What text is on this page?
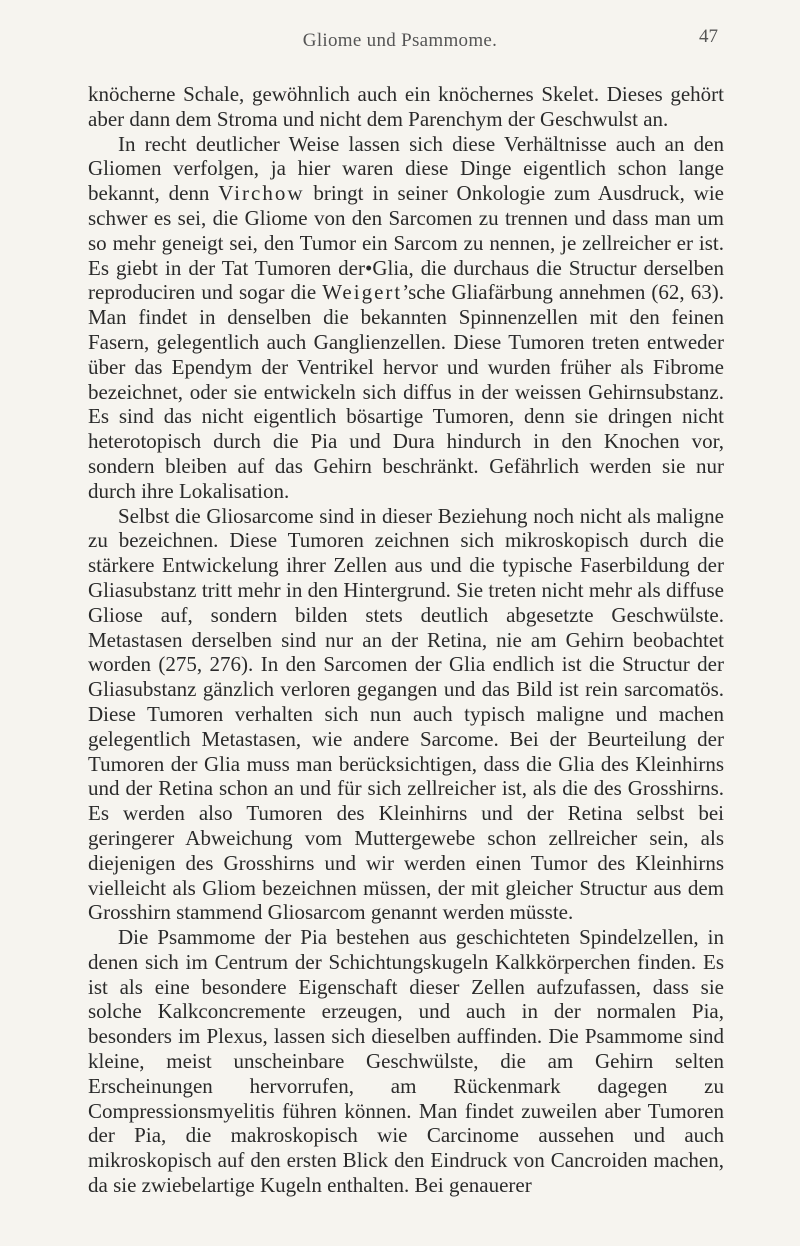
Gliome und Psammome.	47

knöcherne Schale, gewöhnlich auch ein knöchernes Skelet. Dieses gehört aber dann dem Stroma und nicht dem Parenchym der Geschwulst an.

In recht deutlicher Weise lassen sich diese Verhältnisse auch an den Gliomen verfolgen, ja hier waren diese Dinge eigentlich schon lange bekannt, denn Virchow bringt in seiner Onkologie zum Ausdruck, wie schwer es sei, die Gliome von den Sarcomen zu trennen und dass man um so mehr geneigt sei, den Tumor ein Sarcom zu nennen, je zellreicher er ist. Es giebt in der Tat Tumoren der•Glia, die durchaus die Structur derselben reproduciren und sogar die Weigert’sche Gliafärbung annehmen (62, 63). Man findet in denselben die bekannten Spinnenzellen mit den feinen Fasern, gelegentlich auch Ganglienzellen. Diese Tumoren treten entweder über das Ependym der Ventrikel hervor und wurden früher als Fibrome bezeichnet, oder sie entwickeln sich diffus in der weissen Gehirnsubstanz. Es sind das nicht eigentlich bösartige Tumoren, denn sie dringen nicht heterotopisch durch die Pia und Dura hindurch in den Knochen vor, sondern bleiben auf das Gehirn beschränkt. Gefährlich werden sie nur durch ihre Lokalisation.

Selbst die Gliosarcome sind in dieser Beziehung noch nicht als maligne zu bezeichnen. Diese Tumoren zeichnen sich mikroskopisch durch die stärkere Entwickelung ihrer Zellen aus und die typische Faserbildung der Gliasubstanz tritt mehr in den Hintergrund. Sie treten nicht mehr als diffuse Gliose auf, sondern bilden stets deutlich abgesetzte Geschwülste. Metastasen derselben sind nur an der Retina, nie am Gehirn beobachtet worden (275, 276). In den Sarcomen der Glia endlich ist die Structur der Gliasubstanz gänzlich verloren gegangen und das Bild ist rein sarcomatös. Diese Tumoren verhalten sich nun auch typisch maligne und machen gelegentlich Metastasen, wie andere Sarcome. Bei der Beurteilung der Tumoren der Glia muss man berücksichtigen, dass die Glia des Kleinhirns und der Retina schon an und für sich zellreicher ist, als die des Grosshirns. Es werden also Tumoren des Kleinhirns und der Retina selbst bei geringerer Abweichung vom Muttergewebe schon zellreicher sein, als diejenigen des Grosshirns und wir werden einen Tumor des Kleinhirns vielleicht als Gliom bezeichnen müssen, der mit gleicher Structur aus dem Grosshirn stammend Gliosarcom genannt werden müsste.

Die Psammome der Pia bestehen aus geschichteten Spindelzellen, in denen sich im Centrum der Schichtungskugeln Kalkkörperchen finden. Es ist als eine besondere Eigenschaft dieser Zellen aufzufassen, dass sie solche Kalkconcremente erzeugen, und auch in der normalen Pia, besonders im Plexus, lassen sich dieselben auffinden. Die Psammome sind kleine, meist unscheinbare Geschwülste, die am Gehirn selten Erscheinungen hervorrufen, am Rückenmark dagegen zu Compressionsmyelitis führen können. Man findet zuweilen aber Tumoren der Pia, die makroskopisch wie Carcinome aussehen und auch mikroskopisch auf den ersten Blick den Eindruck von Cancroiden machen, da sie zwiebelartige Kugeln enthalten. Bei genauerer
